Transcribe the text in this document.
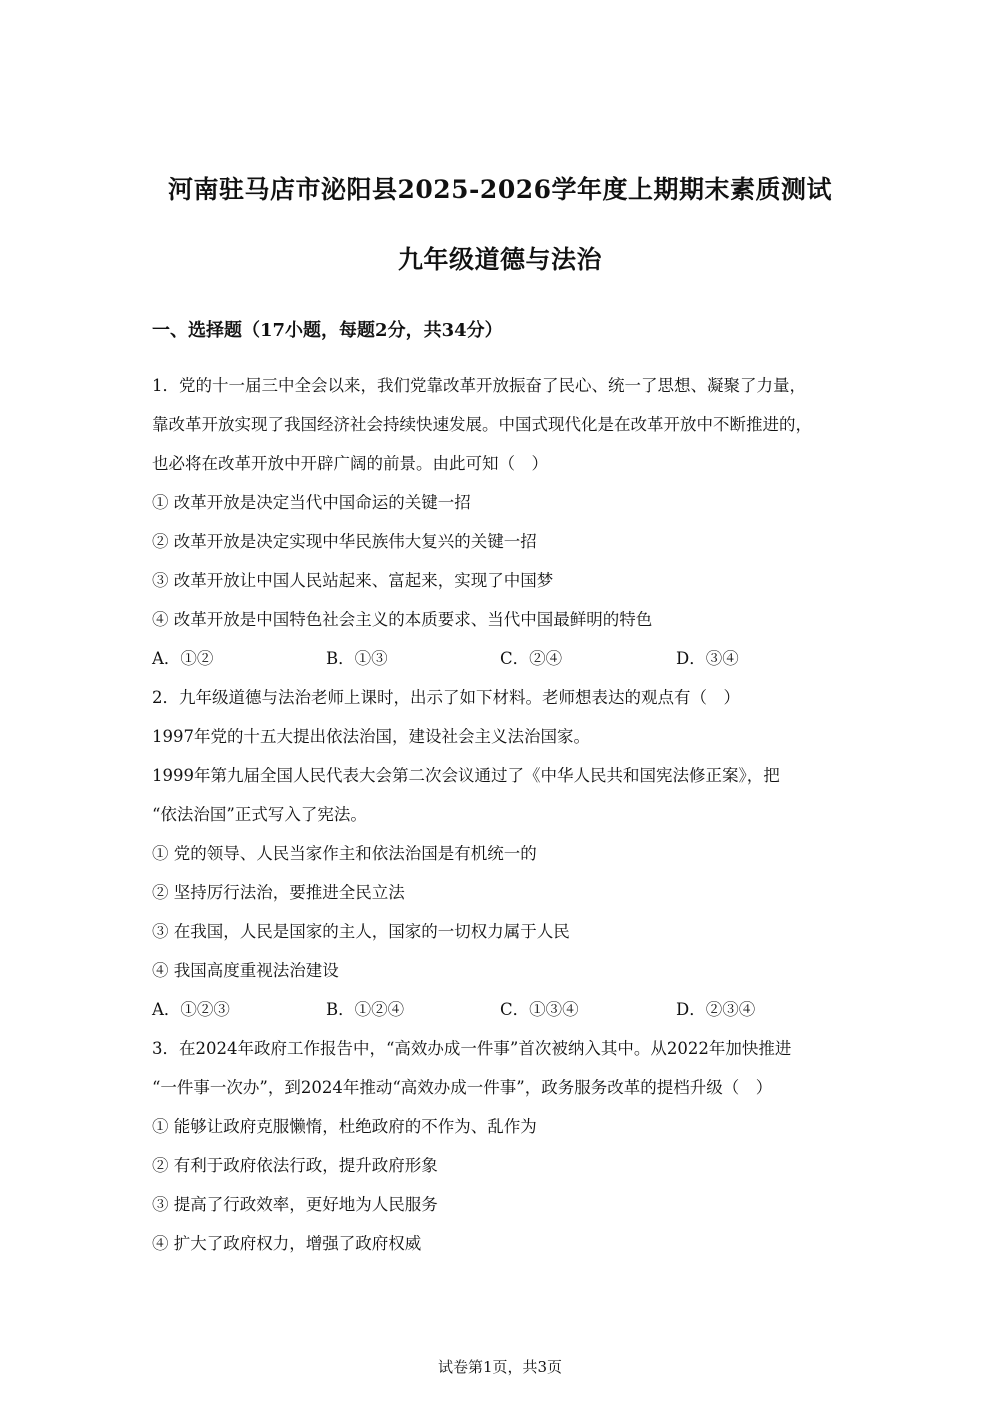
河南驻马店市泌阳县2025-2026学年度上期期末素质测试
九年级道德与法治
一、选择题（17小题，每题2分，共34分）
1．党的十一届三中全会以来，我们党靠改革开放振奋了民心、统一了思想、凝聚了力量，
靠改革开放实现了我国经济社会持续快速发展。中国式现代化是在改革开放中不断推进的，
也必将在改革开放中开辟广阔的前景。由此可知（　）
① 改革开放是决定当代中国命运的关键一招
② 改革开放是决定实现中华民族伟大复兴的关键一招
③ 改革开放让中国人民站起来、富起来，实现了中国梦
④ 改革开放是中国特色社会主义的本质要求、当代中国最鲜明的特色
A．①②	B．①③	C．②④	D．③④
2．九年级道德与法治老师上课时，出示了如下材料。老师想表达的观点有（　）
1997年党的十五大提出依法治国，建设社会主义法治国家。
1999年第九届全国人民代表大会第二次会议通过了《中华人民共和国宪法修正案》，把
“依法治国”正式写入了宪法。
① 党的领导、人民当家作主和依法治国是有机统一的
② 坚持厉行法治，要推进全民立法
③ 在我国，人民是国家的主人，国家的一切权力属于人民
④ 我国高度重视法治建设
A．①②③	B．①②④	C．①③④	D．②③④
3．在2024年政府工作报告中，“高效办成一件事”首次被纳入其中。从2022年加快推进
“一件事一次办”，到2024年推动“高效办成一件事”，政务服务改革的提档升级（　）
① 能够让政府克服懒惰，杜绝政府的不作为、乱作为
② 有利于政府依法行政，提升政府形象
③ 提高了行政效率，更好地为人民服务
④ 扩大了政府权力，增强了政府权威
试卷第1页，共3页
